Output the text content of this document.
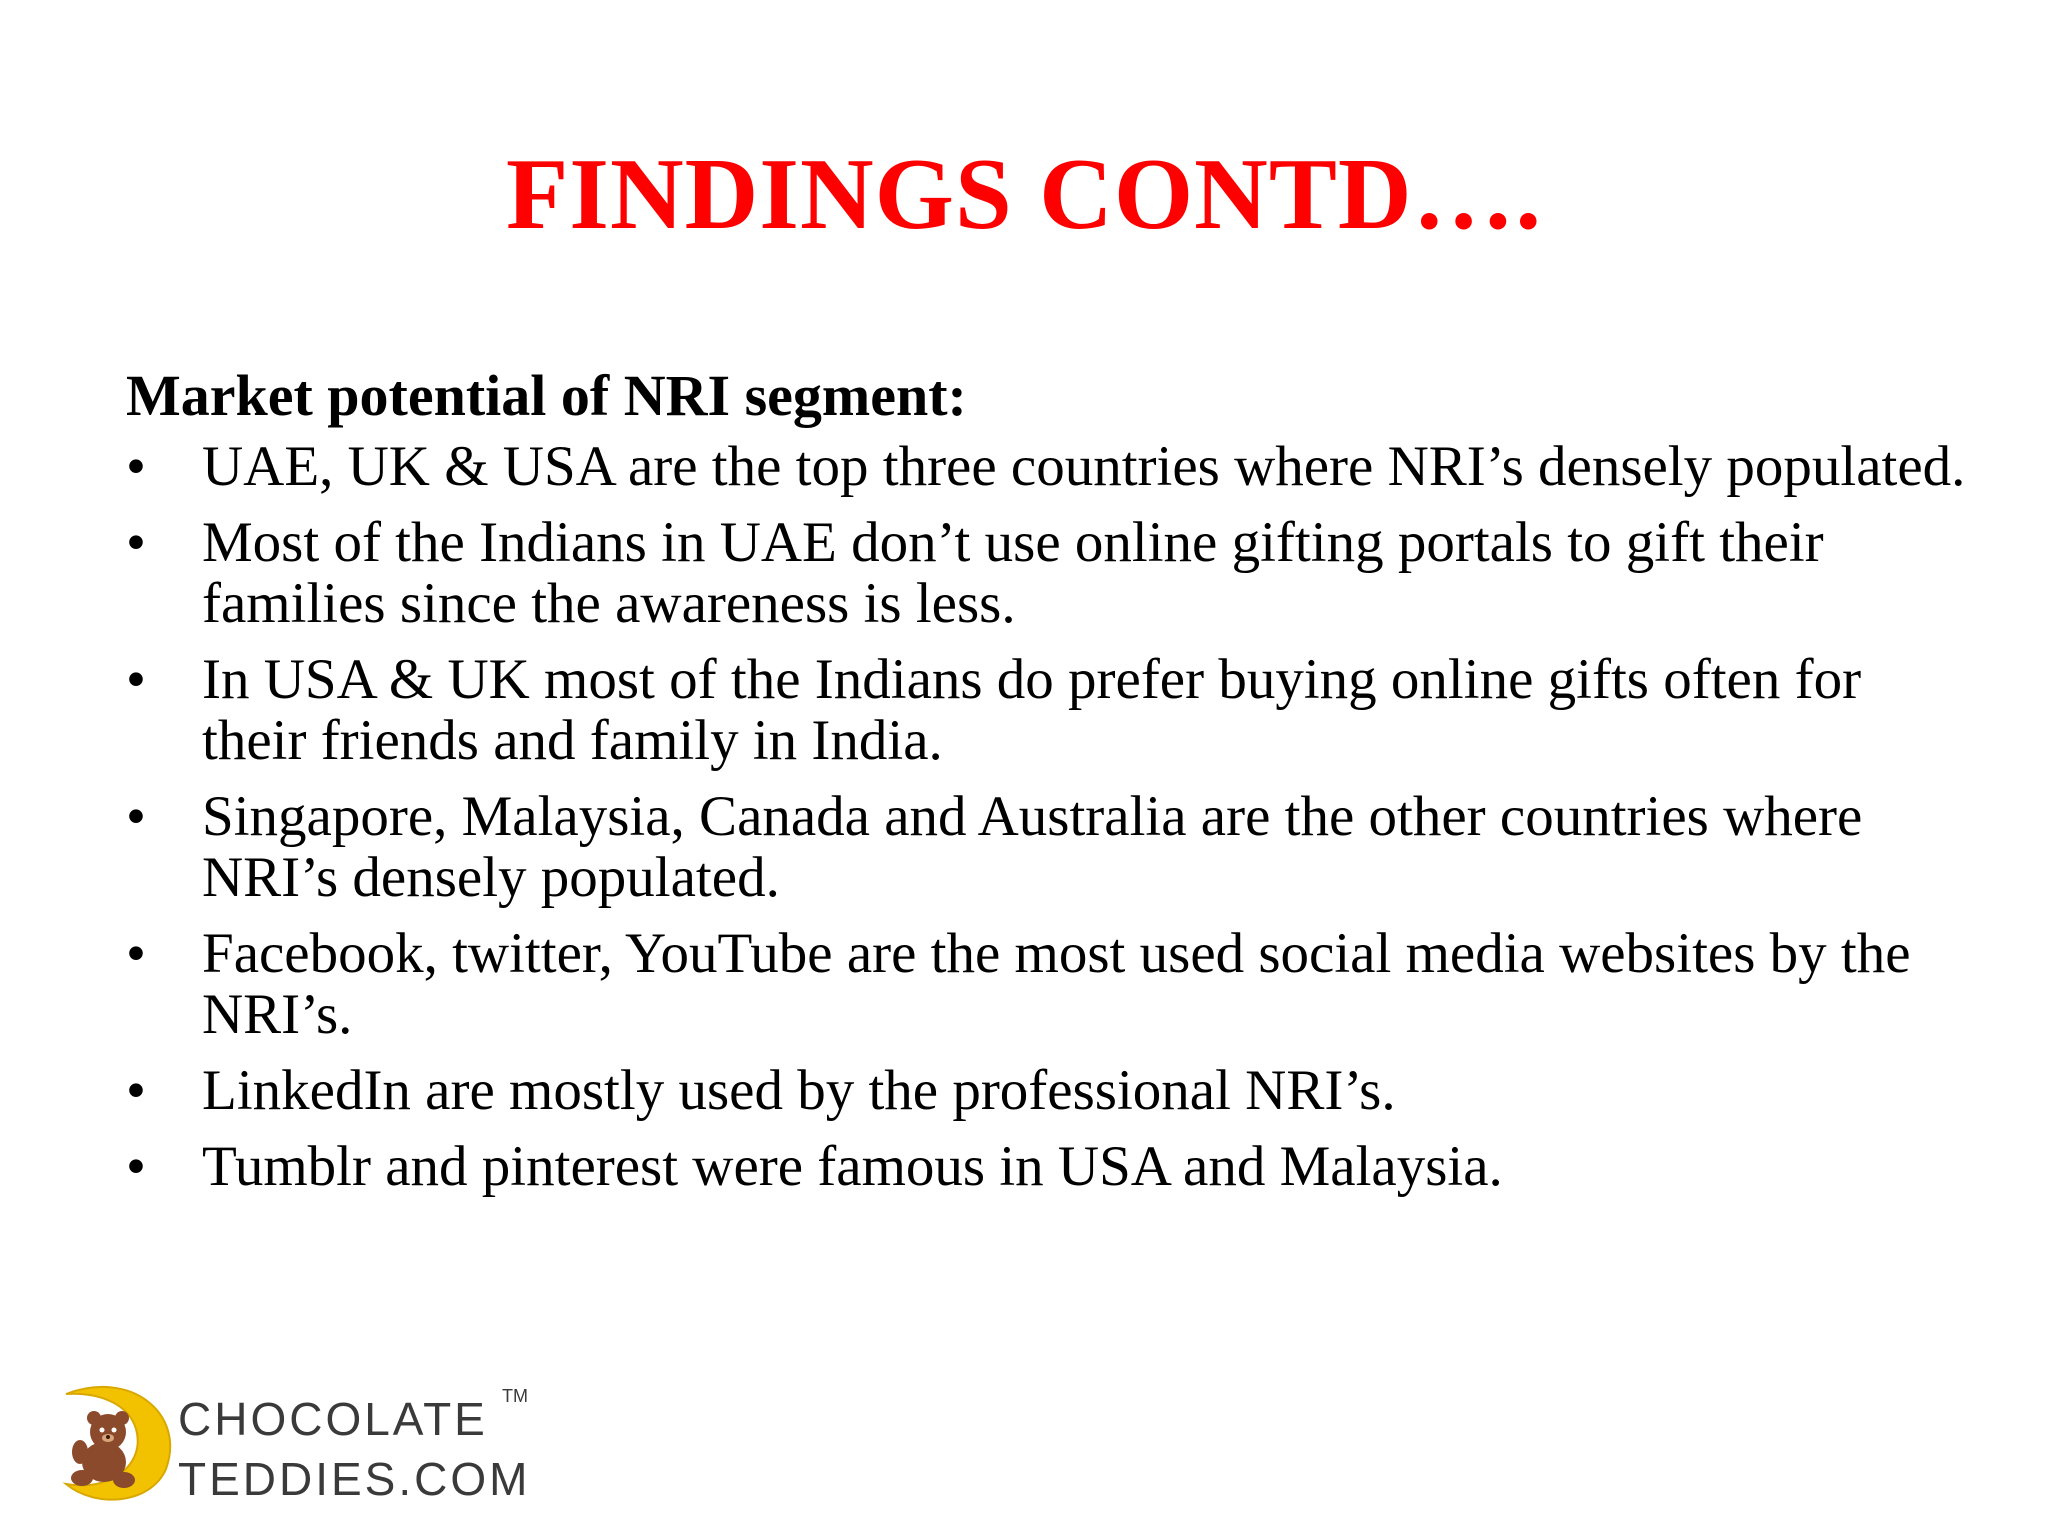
FINDINGS CONTD….
Market potential of NRI segment:
• UAE, UK & USA are the top three countries where NRI’s densely populated.
• Most of the Indians in UAE don’t use online gifting portals to gift their families since the awareness is less.
• In USA & UK most of the Indians do prefer buying online gifts often for their friends and family in India.
• Singapore, Malaysia, Canada and Australia are the other countries where NRI’s densely populated.
• Facebook, twitter, YouTube are the most used social media websites by the NRI’s.
• LinkedIn are mostly used by the professional NRI’s.
• Tumblr and pinterest were famous in USA and Malaysia.
CHOCOLATE TM
TEDDIES.COM
